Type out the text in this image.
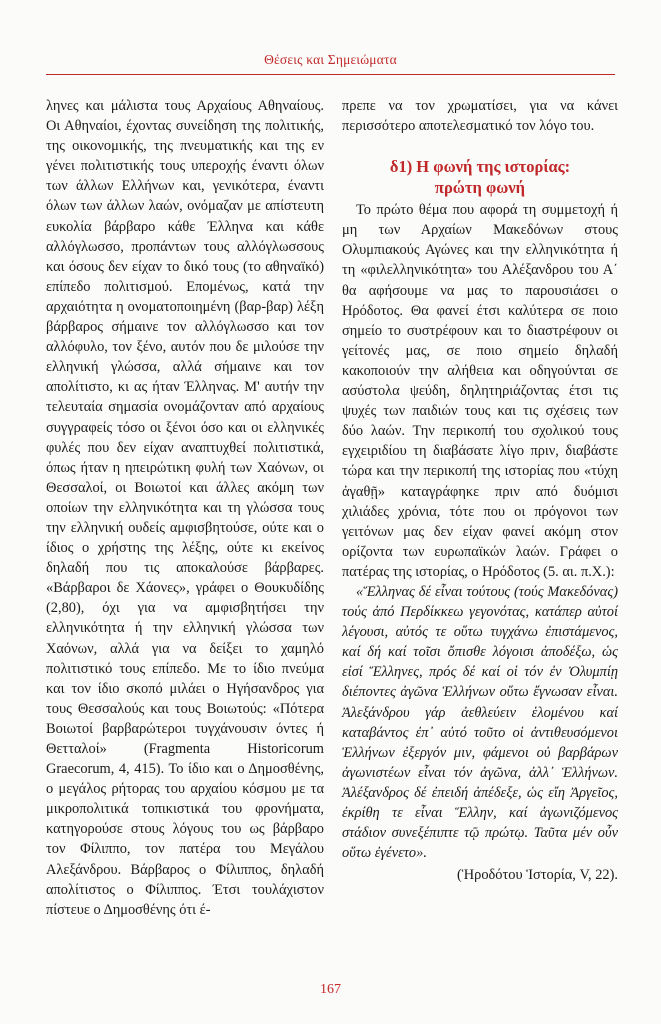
Θέσεις και Σημειώματα

ληνες και μάλιστα τους Αρχαίους Αθηναίους. Οι Αθηναίοι, έχοντας συνείδηση της πολιτικής, της οικονομικής, της πνευματικής και της εν γένει πολιτιστικής τους υπεροχής έναντι όλων των άλλων Ελλήνων και, γενικότερα, έναντι όλων των άλλων λαών, ονόμαζαν με απίστευτη ευκολία βάρβαρο κάθε Έλληνα και κάθε αλλόγλωσσο, προπάντων τους αλλόγλωσσους και όσους δεν είχαν το δικό τους (το αθηναϊκό) επίπεδο πολιτισμού. Επομένως, κατά την αρχαιότητα η ονοματοποιημένη (βαρ-βαρ) λέξη βάρβαρος σήμαινε τον αλλόγλωσσο και τον αλλόφυλο, τον ξένο, αυτόν που δε μιλούσε την ελληνική γλώσσα, αλλά σήμαινε και τον απολίτιστο, κι ας ήταν Έλληνας. Μ' αυτήν την τελευταία σημασία ονομάζονταν από αρχαίους συγγραφείς τόσο οι ξένοι όσο και οι ελληνικές φυλές που δεν είχαν αναπτυχθεί πολιτιστικά, όπως ήταν η ηπειρώτικη φυλή των Χαόνων, οι Θεσσαλοί, οι Βοιωτοί και άλλες ακόμη των οποίων την ελληνικότητα και τη γλώσσα τους την ελληνική ουδείς αμφισβητούσε, ούτε και ο ίδιος ο χρήστης της λέξης, ούτε κι εκείνος δηλαδή που τις αποκαλούσε βάρβαρες. «Βάρβαροι δε Χάονες», γράφει ο Θουκυδίδης (2,80), όχι για να αμφισβητήσει την ελληνικότητα ή την ελληνική γλώσσα των Χαόνων, αλλά για να δείξει το χαμηλό πολιτιστικό τους επίπεδο. Με το ίδιο πνεύμα και τον ίδιο σκοπό μιλάει ο Ηγήσανδρος για τους Θεσσαλούς και τους Βοιωτούς: «Πότερα Βοιωτοί βαρβαρώτεροι τυγχάνουσιν όντες ή Θετταλοί» (Fragmenta Historicorum Graecorum, 4, 415). Το ίδιο και ο Δημοσθένης, ο μεγάλος ρήτορας του αρχαίου κόσμου με τα μικροπολιτικά τοπικιστικά του φρονήματα, κατηγορούσε στους λόγους του ως βάρβαρο τον Φίλιππο, τον πατέρα του Μεγάλου Αλεξάνδρου. Βάρβαρος ο Φίλιππος, δηλαδή απολίτιστος ο Φίλιππος. Έτσι τουλάχιστον πίστευε ο Δημοσθένης ότι έ-

πρεπε να τον χρωματίσει, για να κάνει περισσότερο αποτελεσματικό τον λόγο του.

δ1) Η φωνή της ιστορίας:
πρώτη φωνή

Το πρώτο θέμα που αφορά τη συμμετοχή ή μη των Αρχαίων Μακεδόνων στους Ολυμπιακούς Αγώνες και την ελληνικότητα ή τη «φιλελληνικότητα» του Αλέξανδρου του Α΄ θα αφήσουμε να μας το παρουσιάσει ο Ηρόδοτος. Θα φανεί έτσι καλύτερα σε ποιο σημείο το συστρέφουν και το διαστρέφουν οι γείτονές μας, σε ποιο σημείο δηλαδή κακοποιούν την αλήθεια και οδηγούνται σε ασύστολα ψεύδη, δηλητηριάζοντας έτσι τις ψυχές των παιδιών τους και τις σχέσεις των δύο λαών. Την περικοπή του σχολικού τους εγχειριδίου τη διαβάσατε λίγο πριν, διαβάστε τώρα και την περικοπή της ιστορίας που «τύχη ἀγαθῇ» καταγράφηκε πριν από δυόμισι χιλιάδες χρόνια, τότε που οι πρόγονοι των γειτόνων μας δεν είχαν φανεί ακόμη στον ορίζοντα των ευρωπαϊκών λαών. Γράφει ο πατέρας της ιστορίας, ο Ηρόδοτος (5. αι. π.Χ.):

«Ἕλληνας δέ εἶναι τούτους (τούς Μακεδόνας) τούς ἀπό Περδίκκεω γεγονότας, κατάπερ αὐτοί λέγουσι, αὐτός τε οὕτω τυγχάνω ἐπιστάμενος, καί δή καί τοῖσι ὄπισθε λόγοισι ἀποδέξω, ὡς εἰσί Ἕλληνες, πρός δέ καί οἱ τόν ἐν Ὀλυμπίῃ διέποντες ἀγῶνα Ἑλλήνων οὕτω ἔγνωσαν εἶναι. Ἀλεξάνδρου γάρ ἀεθλεύειν ἑλομένου καί καταβάντος ἐπ᾽ αὐτό τοῦτο οἱ ἀντιθευσόμενοι Ἑλλήνων ἐξεργόν μιν, φάμενοι οὐ βαρβάρων ἀγωνιστέων εἶναι τόν ἀγῶνα, ἀλλ᾽ Ἑλλήνων. Ἀλέξανδρος δέ ἐπειδή ἀπέδεξε, ὡς εἴη Ἀργεῖος, ἐκρίθη τε εἶναι Ἕλλην, καί ἀγωνιζόμενος στάδιον συνεξέπιπτε τῷ πρώτῳ. Ταῦτα μέν οὖν οὕτω ἐγένετο».

(Ἡροδότου Ἱστορία, V, 22).

167
